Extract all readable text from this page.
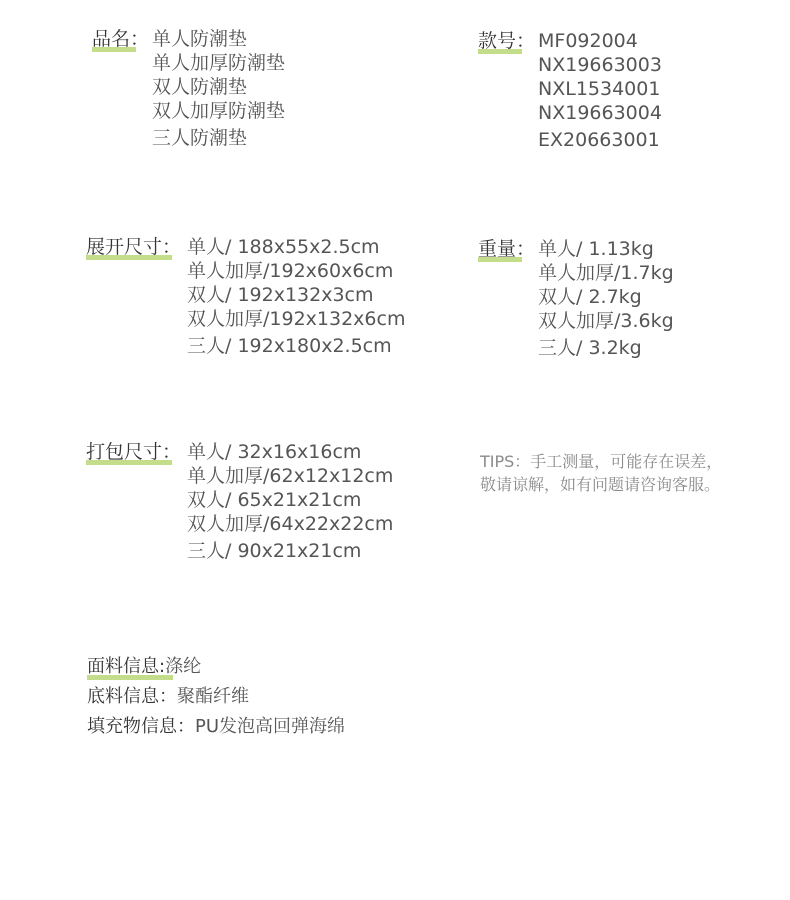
品名： 单人防潮垫
单人加厚防潮垫
双人防潮垫
双人加厚防潮垫
三人防潮垫
款号： MF092004
NX19663003
NXL1534001
NX19663004
EX20663001
展开尺寸： 单人/ 188x55x2.5cm
单人加厚/192x60x6cm
双人/ 192x132x3cm
双人加厚/192x132x6cm
三人/ 192x180x2.5cm
重量： 单人/ 1.13kg
单人加厚/1.7kg
双人/ 2.7kg
双人加厚/3.6kg
三人/ 3.2kg
打包尺寸： 单人/ 32x16x16cm
单人加厚/62x12x12cm
双人/ 65x21x21cm
双人加厚/64x22x22cm
三人/ 90x21x21cm
TIPS：手工测量，可能存在误差，
敬请谅解，如有问题请咨询客服。
面料信息:涤纶
底料信息：聚酯纤维
填充物信息：PU发泡高回弹海绵
